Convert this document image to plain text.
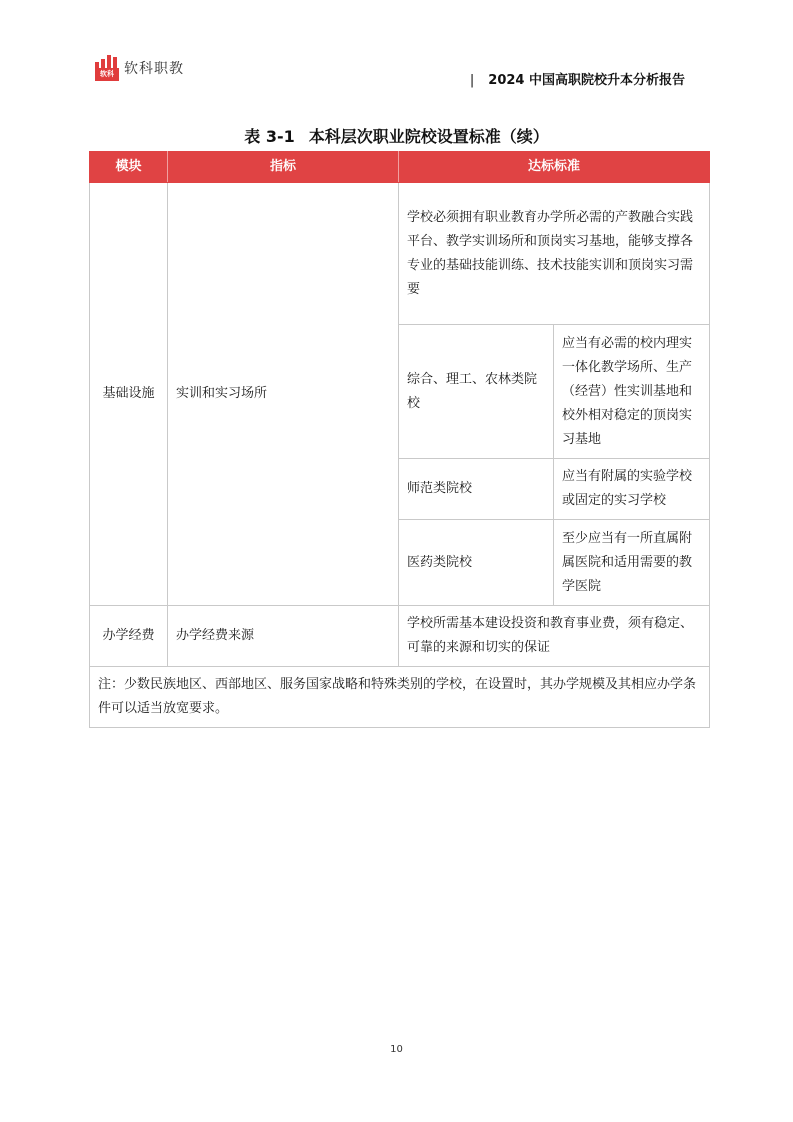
软科 软科职教
| 2024 中国高职院校升本分析报告
表 3-1 本科层次职业院校设置标准（续）
模块	指标	达标标准	
基础设施	实训和实习场所	学校必须拥有职业教育办学所必需的产教融合实践平台、教学实训场所和顶岗实习基地，能够支撑各专业的基础技能训练、技术技能实训和顶岗实习需要	
		综合、理工、农林类院校	应当有必需的校内理实一体化教学场所、生产（经营）性实训基地和校外相对稳定的顶岗实习基地
		师范类院校	应当有附属的实验学校或固定的实习学校
		医药类院校	至少应当有一所直属附属医院和适用需要的教学医院
办学经费	办学经费来源	学校所需基本建设投资和教育事业费，须有稳定、可靠的来源和切实的保证	
注：少数民族地区、西部地区、服务国家战略和特殊类别的学校，在设置时，其办学规模及其相应办学条件可以适当放宽要求。			
10
